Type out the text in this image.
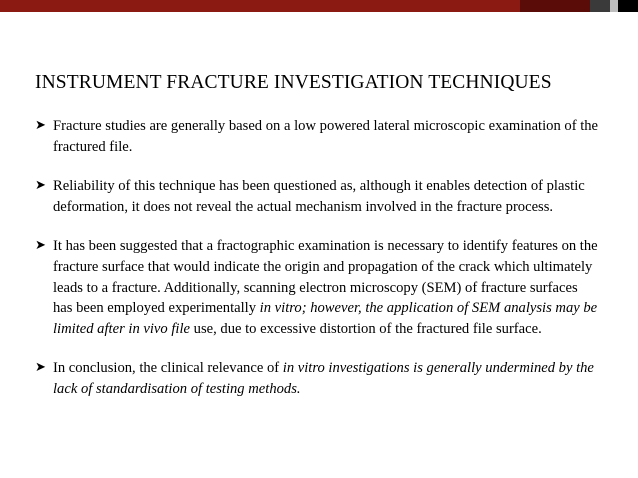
INSTRUMENT FRACTURE INVESTIGATION TECHNIQUES
➤ Fracture studies are generally based on a low powered lateral microscopic examination of the fractured file.

➤ Reliability of this technique has been questioned as, although it enables detection of plastic deformation, it does not reveal the actual mechanism involved in the fracture process.

➤ It has been suggested that a fractographic examination is necessary to identify features on the fracture surface that would indicate the origin and propagation of the crack which ultimately leads to a fracture. Additionally, scanning electron microscopy (SEM) of fracture surfaces has been employed experimentally in vitro; however, the application of SEM analysis may be limited after in vivo file use, due to excessive distortion of the fractured file surface.

➤ In conclusion, the clinical relevance of in vitro investigations is generally undermined by the lack of standardisation of testing methods.
